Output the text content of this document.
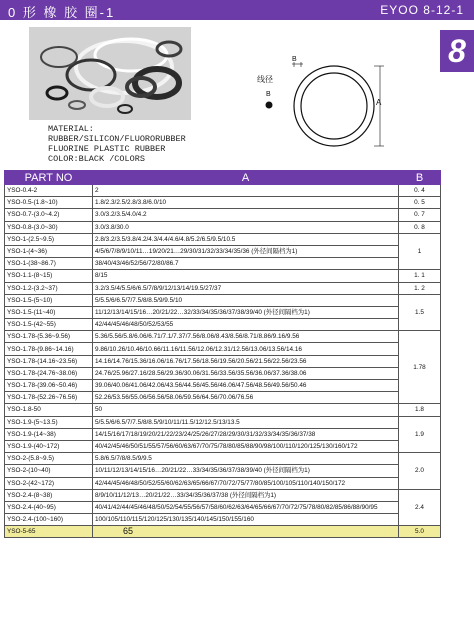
0 形 橡 胶 圈-1	EYOO 8-12-1
8
MATERIAL:
RUBBER/SILICON/FLUORORUBBER
FLUORINE PLASTIC RUBBER
COLOR:BLACK /COLORS
线径
B
B
A
PART NO	A	B
YSO-0.4-2	2	0. 4
YSO-0.5-(1.8~10)	1.8/2.3/2.5/2.8/3.8/6.0/10	0. 5
YSO-0.7-(3.0~4.2)	3.0/3.2/3.5/4.0/4.2	0. 7
YSO-0.8-(3.0~30)	3.0/3.8/30.0	0. 8
YSO-1-(2.5~9.5)	2.8/3.2/3.5/3.8/4.2/4.3/4.4/4.6/4.8/5.2/6.5/9.5/10.5	1
YSO-1-(4~36)	4/5/6/7/8/9/10/11…19/20/21…29/30/31/32/33/34/35/36 (外径间隔档为1)	
YSO-1-(38~86.7)	38/40/43/46/52/56/72/80/86.7	
YSO-1.1-(8~15)	8/15	1. 1
YSO-1.2-(3.2~37)	3.2/3.5/4/5.5/6/6.5/7/8/9/12/13/14/19.5/27/37	1. 2
YSO-1.5-(5~10)	5/5.5/6/6.5/7/7.5/8/8.5/9/9.5/10	1.5
YSO-1.5-(11~40)	11/12/13/14/15/16…20/21/22…32/33/34/35/36/37/38/39/40 (外径间隔档为1)	
YSO-1.5-(42~55)	42/44/45/46/48/50/52/53/55	
YSO-1.78-(5.36~9.56)	5.36/5.56/5.8/6.06/6.71/7.1/7.37/7.56/8.06/8.43/8.56/8.71/8.86/9.16/9.56	1.78
YSO-1.78-(9.86~14.16)	9.86/10.26/10.46/10.66/11.16/11.56/12.06/12.31/12.56/13.06/13.56/14.16	
YSO-1.78-(14.16~23.56)	14.16/14.76/15.36/16.06/16.76/17.56/18.56/19.56/20.56/21.56/22.56/23.56	
YSO-1.78-(24.76~38.06)	24.76/25.96/27.16/28.56/29.36/30.06/31.56/33.56/35.56/36.06/37.36/38.06	
YSO-1.78-(39.06~50.46)	39.06/40.06/41.06/42.06/43.56/44.56/45.56/46.06/47.56/48.56/49.56/50.46	
YSO-1.78-(52.26~76.56)	52.26/53.56/55.06/56.56/58.06/59.56/64.56/70.06/76.56	
YSO-1.8-50	50	1.8
YSO-1.9-(5~13.5)	5/5.5/6/6.5/7/7.5/8/8.5/9/10/11/11.5/12/12.5/13/13.5	1.9
YSO-1.9-(14~38)	14/15/16/17/18/19/20/21/22/23/24/25/26/27/28/29/30/31/32/33/34/35/36/37/38	
YSO-1.9-(40~172)	40/42/45/46/50/51/55/57/56/60/63/67/70/75/78/80/85/88/90/98/100/110/120/125/130/160/172	
YSO-2-(5.8~9.5)	5.8/6.5/7/8/8.5/9/9.5	2.0
YSO-2-(10~40)	10/11/12/13/14/15/16…20/21/22…33/34/35/36/37/38/39/40 (外径间隔档为1)	
YSO-2-(42~172)	42/44/45/46/48/50/52/55/60/62/63/65/66/67/70/72/75/77/80/85/100/105/110/140/150/172	
YSO-2.4-(8~38)	8/9/10/11/12/13…20/21/22…33/34/35/36/37/38 (外径间隔档为1)	2.4
YSO-2.4-(40~95)	40/41/42/44/45/46/48/50/52/54/55/56/57/58/60/62/63/64/65/66/67/70/72/75/78/80/82/85/86/88/90/95	
YSO-2.4-(100~160)	100/105/110/115/120/125/130/135/140/145/150/155/160	
YSO-5-65	65	5.0
